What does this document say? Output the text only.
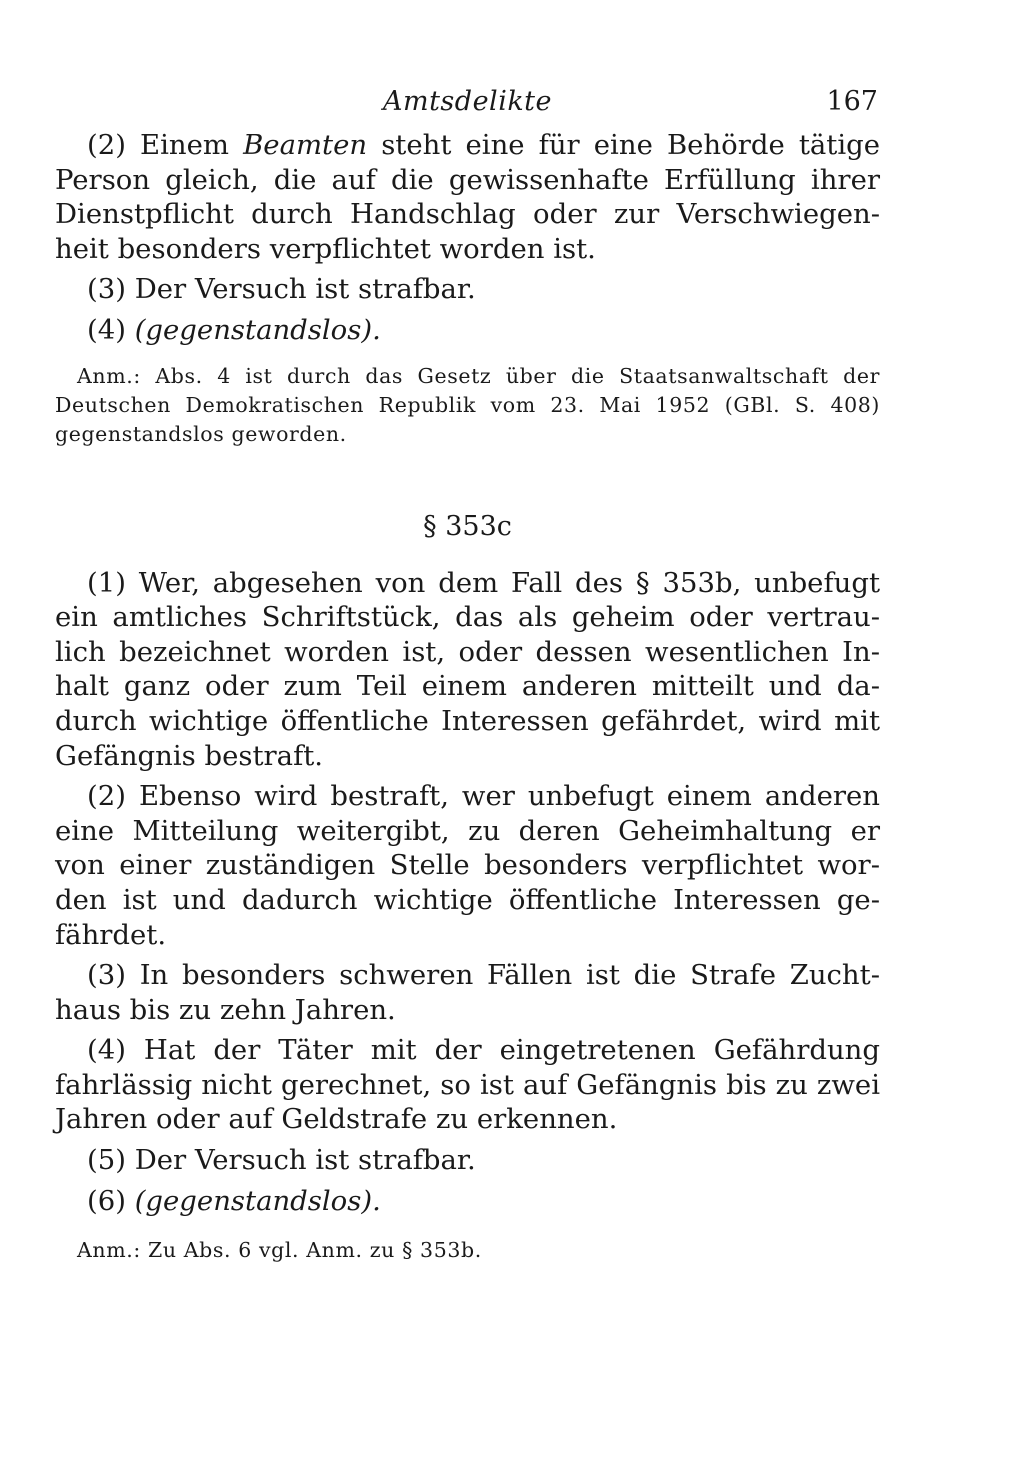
Amtsdelikte	167

(2) Einem Beamten steht eine für eine Behörde tätige Person gleich, die auf die gewissenhafte Erfüllung ihrer Dienstpflicht durch Handschlag oder zur Verschwiegenheit besonders verpflichtet worden ist.

(3) Der Versuch ist strafbar.

(4) (gegenstandslos).

Anm.: Abs. 4 ist durch das Gesetz über die Staatsanwaltschaft der Deutschen Demokratischen Republik vom 23. Mai 1952 (GBl. S. 408) gegenstandslos geworden.

§ 353c

(1) Wer, abgesehen von dem Fall des § 353b, unbefugt ein amtliches Schriftstück, das als geheim oder vertraulich bezeichnet worden ist, oder dessen wesentlichen Inhalt ganz oder zum Teil einem anderen mitteilt und dadurch wichtige öffentliche Interessen gefährdet, wird mit Gefängnis bestraft.

(2) Ebenso wird bestraft, wer unbefugt einem anderen eine Mitteilung weitergibt, zu deren Geheimhaltung er von einer zuständigen Stelle besonders verpflichtet worden ist und dadurch wichtige öffentliche Interessen gefährdet.

(3) In besonders schweren Fällen ist die Strafe Zuchthaus bis zu zehn Jahren.

(4) Hat der Täter mit der eingetretenen Gefährdung fahrlässig nicht gerechnet, so ist auf Gefängnis bis zu zwei Jahren oder auf Geldstrafe zu erkennen.

(5) Der Versuch ist strafbar.

(6) (gegenstandslos).

Anm.: Zu Abs. 6 vgl. Anm. zu § 353b.
